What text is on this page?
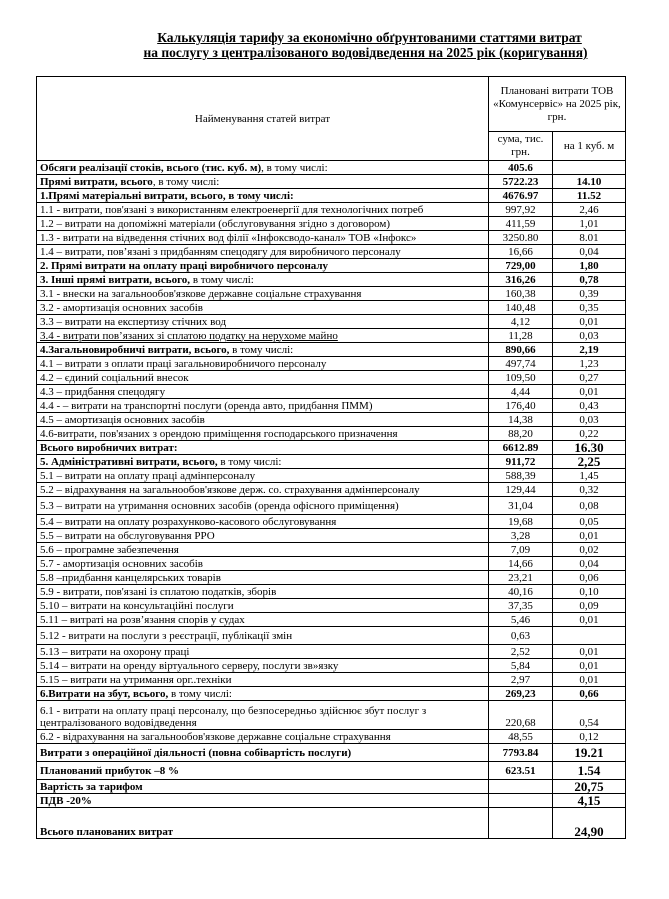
Калькуляція тарифу за економічно обґрунтованими статтями витрат
на послугу з централізованого водовідведення на 2025 рік (коригування)
Найменування статей витрат	Плановані витрати ТОВ «Комунсервіс» на 2025 рік, грн.	
	сума, тис. грн.	на 1 куб. м
Обсяги реалізації стоків, всього (тис. куб. м), в тому числі:	405.6	
Прямі витрати, всього, в тому числі:	5722.23	14.10
1.Прямі матеріальні витрати, всього, в тому числі:	4676.97	11.52
1.1 - витрати, пов'язані з використанням електроенергії для технологічних потреб	997,92	2,46
1.2 – витрати на допоміжні матеріали (обслуговування згідно з договором)	411,59	1,01
1.3 - витрати на відведення стічних вод філії «Інфоксводо-канал» ТОВ «Інфокс»	3250.80	8.01
1.4 – витрати, пов’язані з придбанням спецодягу для виробничого персоналу	16,66	0,04
2. Прямі витрати на оплату праці виробничого персоналу	729,00	1,80
3. Інші прямі витрати, всього, в тому числі:	316,26	0,78
3.1 - внески на загальнообов'язкове державне соціальне страхування	160,38	0,39
3.2 - амортизація основних засобів	140,48	0,35
3.3 – витрати на експертизу стічних вод	4,12	0,01
3.4 - витрати пов’язаних зі сплатою податку на нерухоме майно	11,28	0,03
4.Загальновиробничі витрати, всього, в тому числі:	890,66	2,19
4.1 – витрати з оплати праці загальновиробничого персоналу	497,74	1,23
4.2 – єдиний соціальний внесок	109,50	0,27
4.3 – придбання спецодягу	4,44	0,01
4.4 - – витрати на транспортні послуги (оренда авто, придбання ПММ)	176,40	0,43
4.5 – амортизація основних засобів	14,38	0,03
4.6-витрати, пов'язаних з орендою приміщення господарського призначення	88,20	0,22
Всього виробничих витрат:	6612.89	16.30
5. Адміністративні витрати, всього, в тому числі:	911,72	2,25
5.1 – витрати на оплату праці адмінперсоналу	588,39	1,45
5.2 – відрахування на загальнообов'язкове держ. со. страхування адмінперсоналу	129,44	0,32
5.3 – витрати на утримання основних засобів (оренда офісного приміщення)	31,04	0,08
5.4 – витрати на оплату розрахунково-касового обслуговування	19,68	0,05
5.5 – витрати на обслуговування РРО	3,28	0,01
5.6 – програмне забезпечення	7,09	0,02
5.7 - амортизація основних засобів	14,66	0,04
5.8 –придбання канцелярських товарів	23,21	0,06
5.9 - витрати, пов'язані із сплатою податків, зборів	40,16	0,10
5.10 – витрати на консультаційні послуги	37,35	0,09
5.11 – витраті на розв’язання спорів у судах	5,46	0,01
5.12 - витрати на послуги з реєстрації, публікації змін	0,63	
5.13 – витрати на охорону праці	2,52	0,01
5.14 – витрати на оренду віртуального серверу, послуги зв»язку	5,84	0,01
5.15 – витрати на утримання орг..техніки	2,97	0,01
6.Витрати на збут, всього, в тому числі:	269,23	0,66
6.1 - витрати на оплату праці персоналу, що безпосередньо здійснює збут послуг з централізованого водовідведення	220,68	0,54
6.2 - відрахування на загальнообов'язкове державне соціальне страхування	48,55	0,12
Витрати з операційної діяльності (повна собівартість послуги)	7793.84	19.21
Планований прибуток –8 %	623.51	1.54
Вартість за тарифом		20,75
ПДВ -20%		4,15
Всього планованих витрат		24,90
